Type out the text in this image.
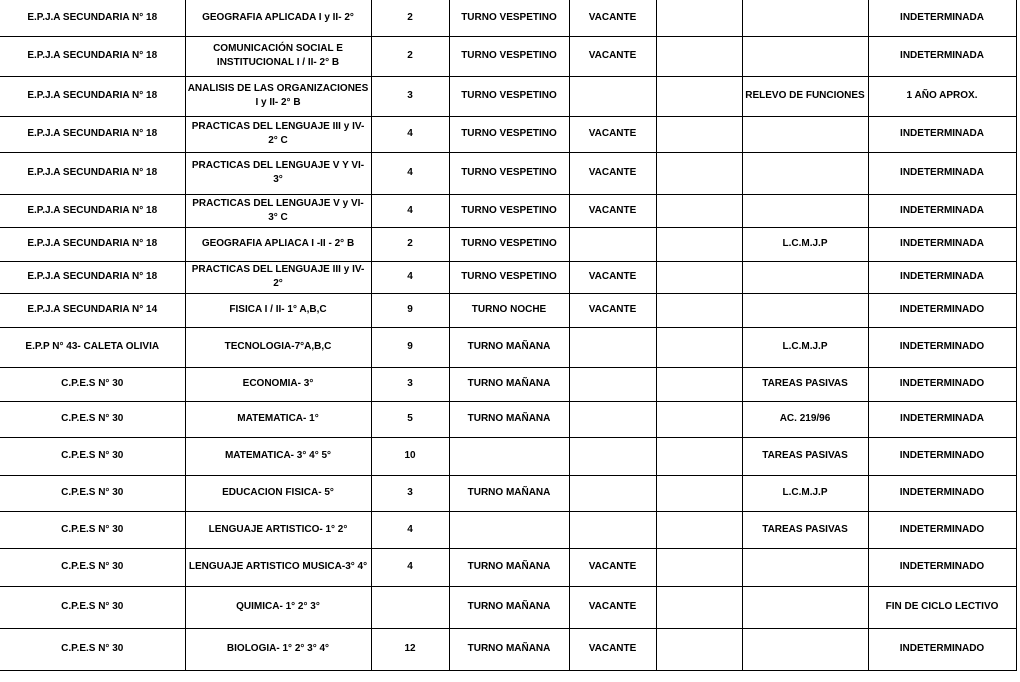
E.P.J.A SECUNDARIA N° 18	GEOGRAFIA APLICADA I y II- 2°	2	TURNO VESPETINO	VACANTE			INDETERMINADA
E.P.J.A SECUNDARIA N° 18	COMUNICACIÓN SOCIAL E INSTITUCIONAL I / II- 2° B	2	TURNO VESPETINO	VACANTE			INDETERMINADA
E.P.J.A SECUNDARIA N° 18	ANALISIS DE LAS ORGANIZACIONES I y II- 2° B	3	TURNO VESPETINO			RELEVO DE FUNCIONES	1 AÑO APROX.
E.P.J.A SECUNDARIA N° 18	PRACTICAS DEL LENGUAJE III y IV- 2° C	4	TURNO VESPETINO	VACANTE			INDETERMINADA
E.P.J.A SECUNDARIA N° 18	PRACTICAS DEL LENGUAJE V Y VI- 3°	4	TURNO VESPETINO	VACANTE			INDETERMINADA
E.P.J.A SECUNDARIA N° 18	PRACTICAS DEL LENGUAJE V y VI- 3° C	4	TURNO VESPETINO	VACANTE			INDETERMINADA
E.P.J.A SECUNDARIA N° 18	GEOGRAFIA APLIACA I -II - 2° B	2	TURNO VESPETINO			L.C.M.J.P	INDETERMINADA
E.P.J.A SECUNDARIA N° 18	PRACTICAS DEL LENGUAJE III y IV- 2°	4	TURNO VESPETINO	VACANTE			INDETERMINADA
E.P.J.A SECUNDARIA N° 14	FISICA I / II- 1° A,B,C	9	TURNO NOCHE	VACANTE			INDETERMINADO
E.P.P N° 43- CALETA OLIVIA	TECNOLOGIA-7°A,B,C	9	TURNO MAÑANA			L.C.M.J.P	INDETERMINADO
C.P.E.S N° 30	ECONOMIA- 3°	3	TURNO MAÑANA			TAREAS PASIVAS	INDETERMINADO
C.P.E.S N° 30	MATEMATICA- 1°	5	TURNO MAÑANA			AC. 219/96	INDETERMINADA
C.P.E.S N° 30	MATEMATICA- 3° 4° 5°	10				TAREAS PASIVAS	INDETERMINADO
C.P.E.S N° 30	EDUCACION FISICA- 5°	3	TURNO MAÑANA			L.C.M.J.P	INDETERMINADO
C.P.E.S N° 30	LENGUAJE ARTISTICO- 1° 2°	4				TAREAS PASIVAS	INDETERMINADO
C.P.E.S N° 30	LENGUAJE ARTISTICO MUSICA-3° 4°	4	TURNO MAÑANA	VACANTE			INDETERMINADO
C.P.E.S N° 30	QUIMICA- 1° 2° 3°		TURNO MAÑANA	VACANTE			FIN DE CICLO LECTIVO
C.P.E.S N° 30	BIOLOGIA- 1° 2° 3° 4°	12	TURNO MAÑANA	VACANTE			INDETERMINADO
